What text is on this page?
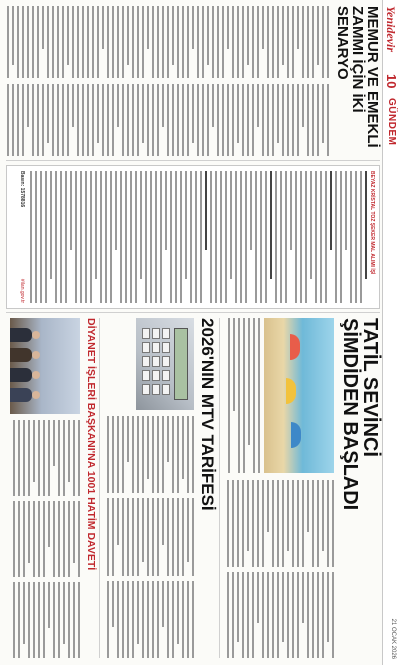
Yenidevir
10
GÜNDEM
21 OCAK 2026
MEMUR VE EMEKLİ
ZAMMI İÇİN İKİ SENARYO
BEYAZ KRİSTAL TOZ ŞEKER MAL ALIMI İŞİ
Basın: 1578816
#ilan.gov.tr
TATİL SEVİNCİ
ŞİMDİDEN BAŞLADI
2026'NIN MTV TARİFESİ
DİYANET İŞLERİ BAŞKANI'NA 1001 HATİM DAVETİ
